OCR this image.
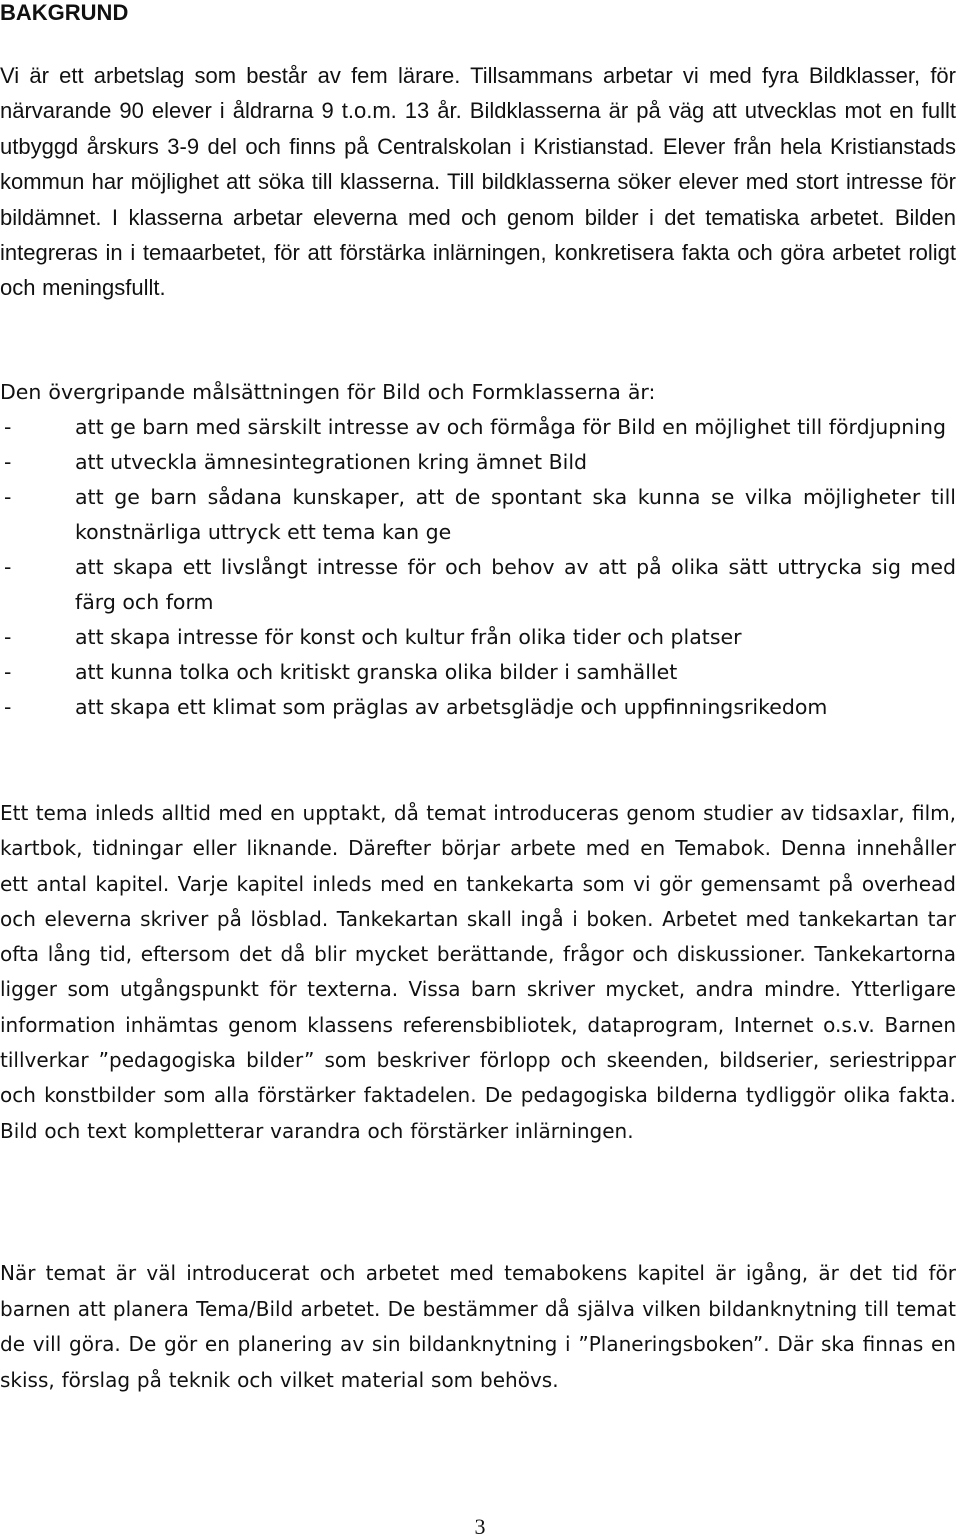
BAKGRUND

Vi är ett arbetslag som består av fem lärare. Tillsammans arbetar vi med fyra Bildklasser, för närvarande 90 elever i åldrarna 9 t.o.m. 13 år. Bildklasserna är på väg att utvecklas mot en fullt utbyggd årskurs 3-9 del och finns på Centralskolan i Kristianstad. Elever från hela Kristianstads kommun har möjlighet att söka till klasserna. Till bildklasserna söker elever med stort intresse för bildämnet. I klasserna arbetar eleverna med och genom bilder i det tematiska arbetet. Bilden integreras in i temaarbetet, för att förstärka inlärningen, konkretisera fakta och göra arbetet roligt och meningsfullt.

Den övergripande målsättningen för Bild och Formklasserna är:

-	att ge barn med särskilt intresse av och förmåga för Bild en möjlighet till fördjupning
-	att utveckla ämnesintegrationen kring ämnet Bild
-	att ge barn sådana kunskaper, att de spontant ska kunna se vilka möjligheter till konstnärliga uttryck ett tema kan ge
-	att skapa ett livslångt intresse för och behov av att på olika sätt uttrycka sig med färg och form
-	att skapa intresse för konst och kultur från olika tider och platser
-	att kunna tolka och kritiskt granska olika bilder i samhället
-	att skapa ett klimat som präglas av arbetsglädje och uppfinningsrikedom

Ett tema inleds alltid med en upptakt, då temat introduceras genom studier av tidsaxlar, film, kartbok, tidningar eller liknande. Därefter börjar arbete med en Temabok. Denna innehåller ett antal kapitel. Varje kapitel inleds med en tankekarta som vi gör gemensamt på overhead och eleverna skriver på lösblad. Tankekartan skall ingå i boken. Arbetet med tankekartan tar ofta lång tid, eftersom det då blir mycket berättande, frågor och diskussioner. Tankekartorna ligger som utgångspunkt för texterna. Vissa barn skriver mycket, andra mindre. Ytterligare information inhämtas genom klassens referensbibliotek, dataprogram, Internet o.s.v. Barnen tillverkar ”pedagogiska bilder” som beskriver förlopp och skeenden, bildserier, seriestrippar och konstbilder som alla förstärker faktadelen. De pedagogiska bilderna tydliggör olika fakta. Bild och text kompletterar varandra och förstärker inlärningen.

När temat är väl introducerat och arbetet med temabokens kapitel är igång, är det tid för barnen att planera Tema/Bild arbetet. De bestämmer då själva vilken bildanknytning till temat de vill göra. De gör en planering av sin bildanknytning i ”Planeringsboken”. Där ska finnas en skiss, förslag på teknik och vilket material som behövs.

3
